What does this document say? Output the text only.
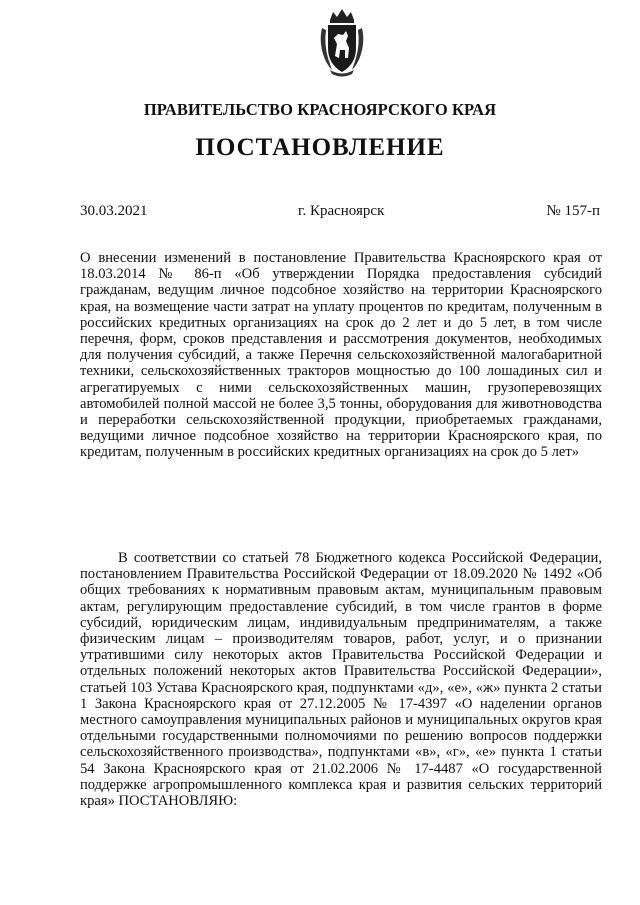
ПРАВИТЕЛЬСТВО КРАСНОЯРСКОГО КРАЯ
ПОСТАНОВЛЕНИЕ
30.03.2021	г. Красноярск	№ 157-п

О внесении изменений в постановление Правительства Красноярского края от 18.03.2014 № 86-п «Об утверждении Порядка предоставления субсидий гражданам, ведущим личное подсобное хозяйство на территории Красноярского края, на возмещение части затрат на уплату процентов по кредитам, полученным в российских кредитных организациях на срок до 2 лет и до 5 лет, в том числе перечня, форм, сроков представления и рассмотрения документов, необходимых для получения субсидий, а также Перечня сельскохозяйственной малогабаритной техники, сельскохозяйственных тракторов мощностью до 100 лошадиных сил и агрегатируемых с ними сельскохозяйственных машин, грузоперевозящих автомобилей полной массой не более 3,5 тонны, оборудования для животноводства и переработки сельскохозяйственной продукции, приобретаемых гражданами, ведущими личное подсобное хозяйство на территории Красноярского края, по кредитам, полученным в российских кредитных организациях на срок до 5 лет»

В соответствии со статьей 78 Бюджетного кодекса Российской Федерации, постановлением Правительства Российской Федерации от 18.09.2020 № 1492 «Об общих требованиях к нормативным правовым актам, муниципальным правовым актам, регулирующим предоставление субсидий, в том числе грантов в форме субсидий, юридическим лицам, индивидуальным предпринимателям, а также физическим лицам – производителям товаров, работ, услуг, и о признании утратившими силу некоторых актов Правительства Российской Федерации и отдельных положений некоторых актов Правительства Российской Федерации», статьей 103 Устава Красноярского края, подпунктами «д», «е», «ж» пункта 2 статьи 1 Закона Красноярского края от 27.12.2005 № 17-4397 «О наделении органов местного самоуправления муниципальных районов и муниципальных округов края отдельными государственными полномочиями по решению вопросов поддержки сельскохозяйственного производства», подпунктами «в», «г», «е» пункта 1 статьи 54 Закона Красноярского края от 21.02.2006 № 17-4487 «О государственной поддержке агропромышленного комплекса края и развития сельских территорий края» ПОСТАНОВЛЯЮ:
